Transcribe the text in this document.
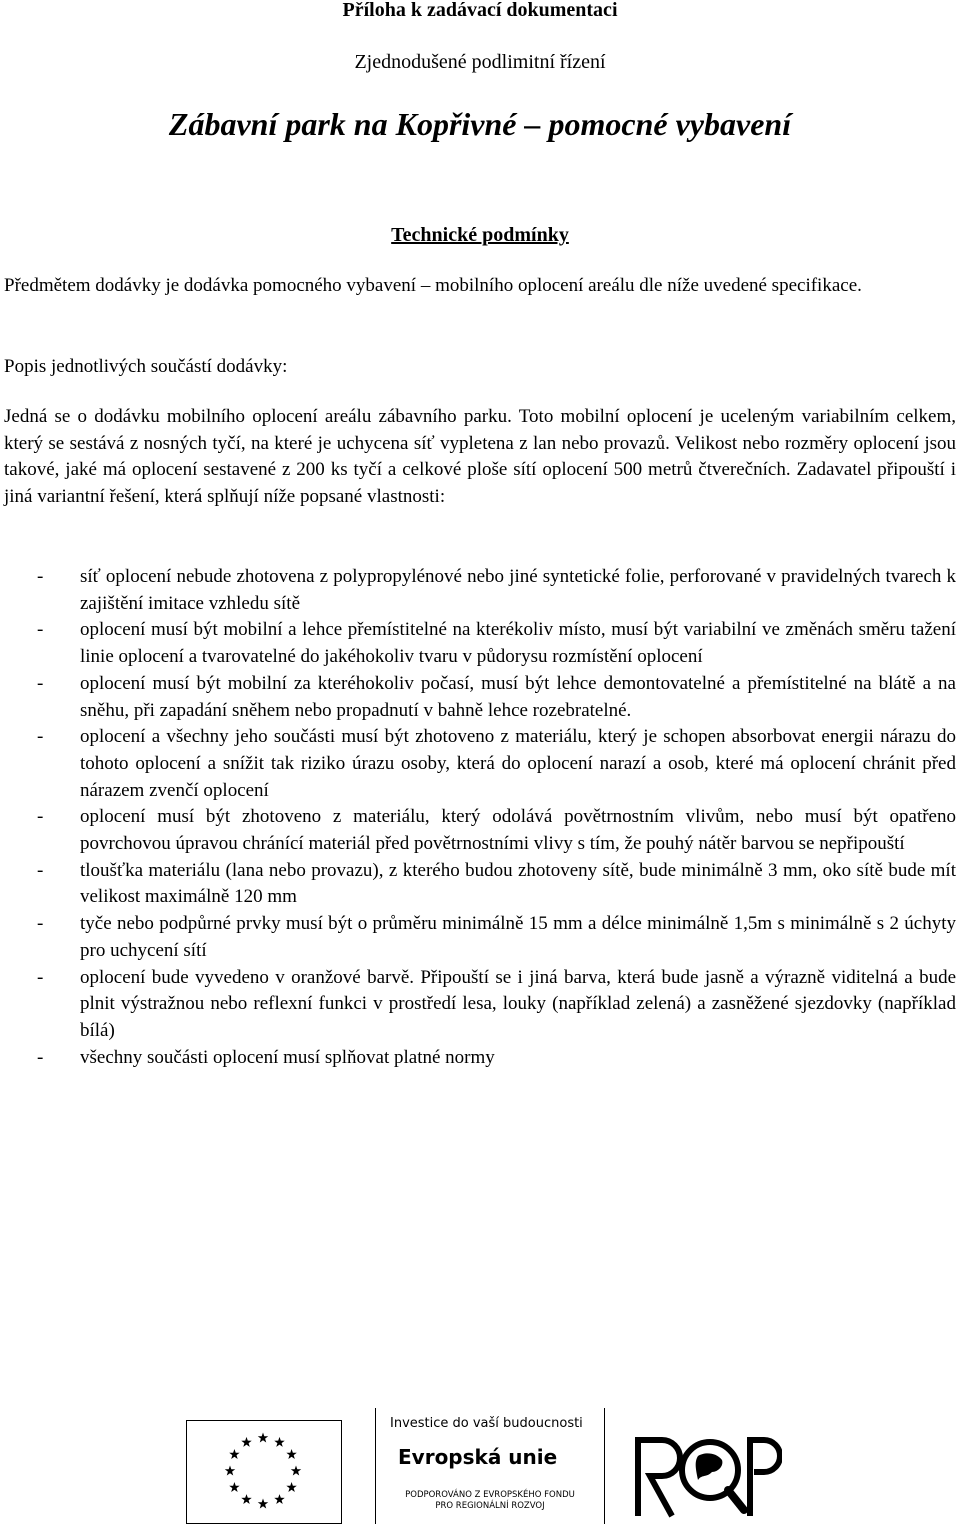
Příloha k zadávací dokumentaci
Zjednodušené podlimitní řízení
Zábavní park na Kopřivné – pomocné vybavení
Technické podmínky

Předmětem dodávky je dodávka pomocného vybavení – mobilního oplocení areálu dle níže uvedené specifikace.

Popis jednotlivých součástí dodávky:

Jedná se o dodávku mobilního oplocení areálu zábavního parku. Toto mobilní oplocení je uceleným variabilním celkem, který se sestává z nosných tyčí, na které je uchycena síť vypletena z lan nebo provazů. Velikost nebo rozměry oplocení jsou takové, jaké má oplocení sestavené z 200 ks tyčí a celkové ploše sítí oplocení 500 metrů čtverečních. Zadavatel připouští i jiná variantní řešení, která splňují níže popsané vlastnosti:

- síť oplocení nebude zhotovena z polypropylénové nebo jiné syntetické folie, perforované v pravidelných tvarech k zajištění imitace vzhledu sítě
- oplocení musí být mobilní a lehce přemístitelné na kterékoliv místo, musí být variabilní ve změnách směru tažení linie oplocení a tvarovatelné do jakéhokoliv tvaru v půdorysu rozmístění oplocení
- oplocení musí být mobilní za kteréhokoliv počasí, musí být lehce demontovatelné a přemístitelné na blátě a na sněhu, při zapadání sněhem nebo propadnutí v bahně lehce rozebratelné.
- oplocení a všechny jeho součásti musí být zhotoveno z materiálu, který je schopen absorbovat energii nárazu do tohoto oplocení a snížit tak riziko úrazu osoby, která do oplocení narazí a osob, které má oplocení chránit před nárazem zvenčí oplocení
- oplocení musí být zhotoveno z materiálu, který odolává povětrnostním vlivům, nebo musí být opatřeno povrchovou úpravou chránící materiál před povětrnostními vlivy s tím, že pouhý nátěr barvou se nepřipouští
- tloušťka materiálu (lana nebo provazu), z kterého budou zhotoveny sítě, bude minimálně 3 mm, oko sítě bude mít velikost maximálně 120 mm
- tyče nebo podpůrné prvky musí být o průměru minimálně 15 mm a délce minimálně 1,5m s minimálně s 2 úchyty pro uchycení sítí
- oplocení bude vyvedeno v oranžové barvě. Připouští se i jiná barva, která bude jasně a výrazně viditelná a bude plnit výstražnou nebo reflexní funkci v prostředí lesa, louky (například zelená) a zasněžené sjezdovky (například bílá)
- všechny součásti oplocení musí splňovat platné normy
Investice do vaší budoucnosti
Evropská unie
PODPOROVÁNO Z EVROPSKÉHO FONDU
PRO REGIONÁLNÍ ROZVOJ
